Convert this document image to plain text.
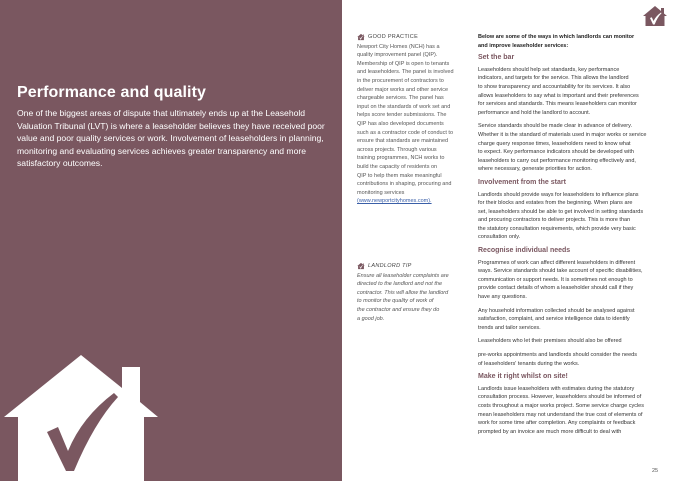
Performance and quality
One of the biggest areas of dispute that ultimately ends up at the Leasehold Valuation Tribunal (LVT) is where a leaseholder believes they have received poor value and poor quality services or work. Involvement of leaseholders in planning, monitoring and evaluating services achieves greater transparency and more satisfactory outcomes.
GOOD PRACTICE
Newport City Homes (NCH) has a
quality improvement panel (QIP).
Membership of QIP is open to tenants
and leaseholders. The panel is involved
in the procurement of contractors to
deliver major works and other service
chargeable services. The panel has
input on the standards of work set and
helps score tender submissions. The
QIP has also developed documents
such as a contractor code of conduct to
ensure that standards are maintained
across projects. Through various
training programmes, NCH works to
build the capacity of residents on
QIP to help them make meaningful
contributions in shaping, procuring and
monitoring services
(www.newportcityhomes.com).
LANDLORD TIP
Ensure all leaseholder complaints are
directed to the landlord and not the
contractor. This will allow the landlord
to monitor the quality of work of
the contractor and ensure they do
a good job.

Below are some of the ways in which landlords can monitor
and improve leaseholder services:

Set the bar

Leaseholders should help set standards, key performance
indicators, and targets for the service. This allows the landlord
to show transparency and accountability for its services. It also
allows leaseholders to say what is important and their preferences
for services and standards. This means leaseholders can monitor
performance and hold the landlord to account.

Service standards should be made clear in advance of delivery.
Whether it is the standard of materials used in major works or service
charge query response times, leaseholders need to know what
to expect. Key performance indicators should be developed with
leaseholders to carry out performance monitoring effectively and,
where necessary, generate priorities for action.

Involvement from the start

Landlords should provide ways for leaseholders to influence plans
for their blocks and estates from the beginning. When plans are
set, leaseholders should be able to get involved in setting standards
and procuring contractors to deliver projects. This is more than
the statutory consultation requirements, which provide very basic
consultation only.

Recognise individual needs

Programmes of work can affect different leaseholders in different
ways. Service standards should take account of specific disabilities,
communication or support needs. It is sometimes not enough to
provide contact details of whom a leaseholder should call if they
have any questions.

Any household information collected should be analysed against
satisfaction, complaint, and service intelligence data to identify
trends and tailor services.

Leaseholders who let their premises should also be offered

pre-works appointments and landlords should consider the needs
of leaseholders' tenants during the works.

Make it right whilst on site!

Landlords issue leaseholders with estimates during the statutory
consultation process. However, leaseholders should be informed of
costs throughout a major works project. Some service charge cycles
mean leaseholders may not understand the true cost of elements of
work for some time after completion. Any complaints or feedback
prompted by an invoice are much more difficult to deal with

25
